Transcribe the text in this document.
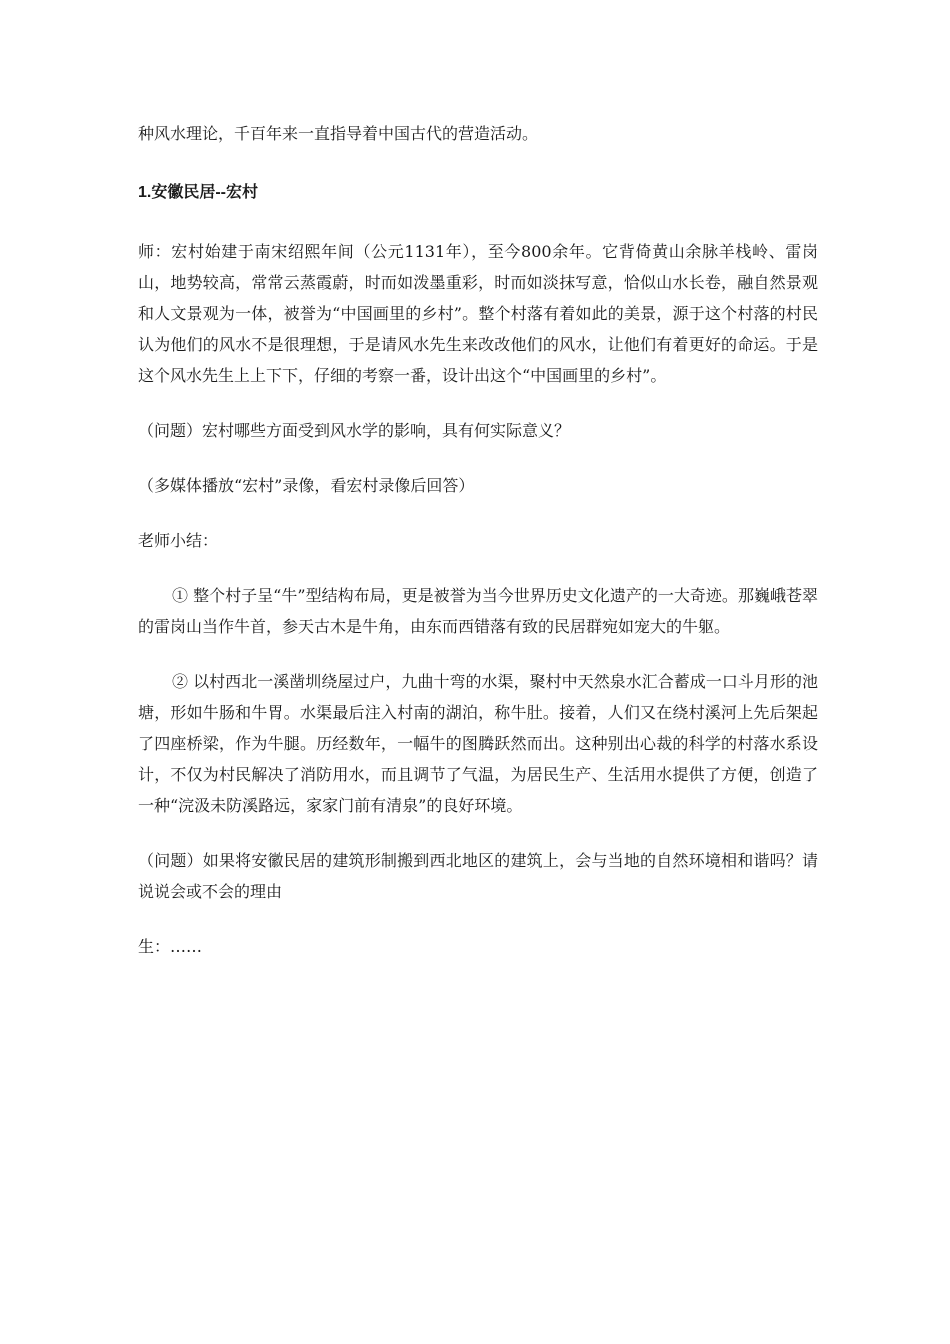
种风水理论，千百年来一直指导着中国古代的营造活动。

1.安徽民居--宏村

师：宏村始建于南宋绍熙年间（公元1131年），至今800余年。它背倚黄山余脉羊栈岭、雷岗山，地势较高，常常云蒸霞蔚，时而如泼墨重彩，时而如淡抹写意，恰似山水长卷，融自然景观和人文景观为一体，被誉为“中国画里的乡村”。整个村落有着如此的美景，源于这个村落的村民认为他们的风水不是很理想，于是请风水先生来改改他们的风水，让他们有着更好的命运。于是这个风水先生上上下下，仔细的考察一番，设计出这个“中国画里的乡村”。

（问题）宏村哪些方面受到风水学的影响，具有何实际意义？

（多媒体播放“宏村”录像，看宏村录像后回答）

老师小结：

① 整个村子呈“牛”型结构布局，更是被誉为当今世界历史文化遗产的一大奇迹。那巍峨苍翠的雷岗山当作牛首，参天古木是牛角，由东而西错落有致的民居群宛如宠大的牛躯。

② 以村西北一溪凿圳绕屋过户，九曲十弯的水渠，聚村中天然泉水汇合蓄成一口斗月形的池塘，形如牛肠和牛胃。水渠最后注入村南的湖泊，称牛肚。接着，人们又在绕村溪河上先后架起了四座桥梁，作为牛腿。历经数年，一幅牛的图腾跃然而出。这种别出心裁的科学的村落水系设计，不仅为村民解决了消防用水，而且调节了气温，为居民生产、生活用水提供了方便，创造了一种“浣汲未防溪路远，家家门前有清泉”的良好环境。

（问题）如果将安徽民居的建筑形制搬到西北地区的建筑上，会与当地的自然环境相和谐吗？请说说会或不会的理由

生：……
